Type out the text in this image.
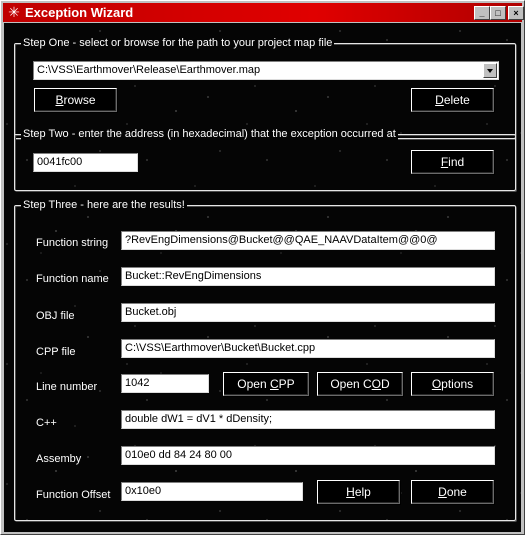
✳ Exception Wizard	_	□	×
Step One - select or browse for the path to your project map file
C:\VSS\Earthmover\Release\Earthmover.map
Browse	Delete
Step Two - enter the address (in hexadecimal) that the exception occurred at
0041fc00	Find
Step Three - here are the results!
Function string	?RevEngDimensions@Bucket@@QAE_NAAVDataItem@@0@
Function name	Bucket::RevEngDimensions
OBJ file	Bucket.obj
CPP file	C:\VSS\Earthmover\Bucket\Bucket.cpp
Line number	1042	Open CPP	Open COD	Options
C++	double dW1 = dV1 * dDensity;
Assemby	010e0 dd 84 24 80 00
Function Offset	0x10e0	Help	Done
